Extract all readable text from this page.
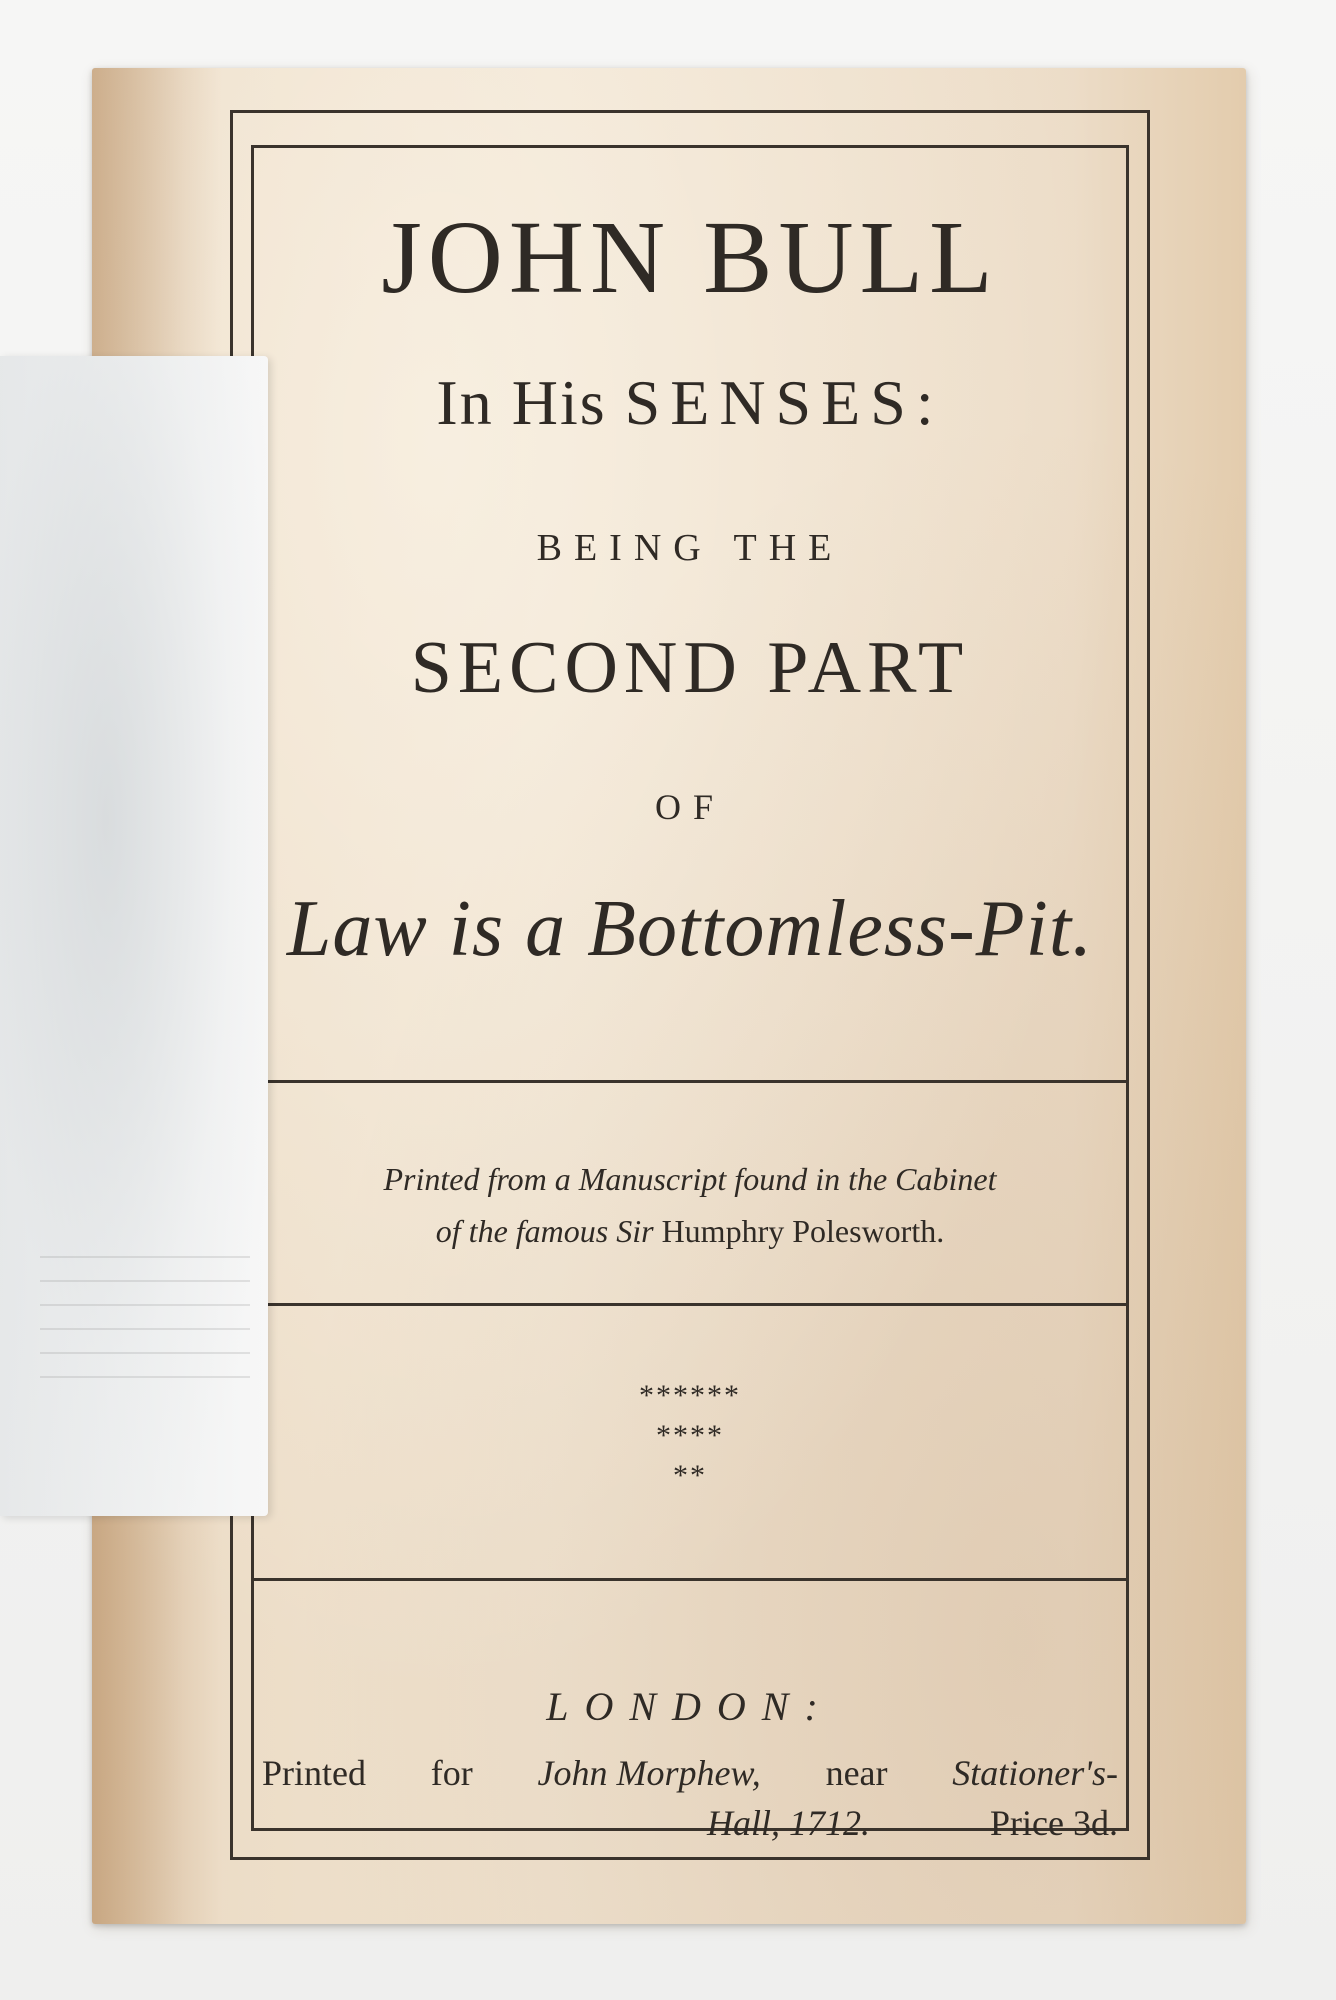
JOHN BULL
In His SENSES:
BEING THE
SECOND PART
OF
Law is a Bottomless-Pit.
Printed from a Manuscript found in the Cabinet
of the famous Sir Humphry Polesworth.
******
****
**
LONDON:
Printed for John Morphew, near Stationer's-
Hall, 1712.	Price 3d.
